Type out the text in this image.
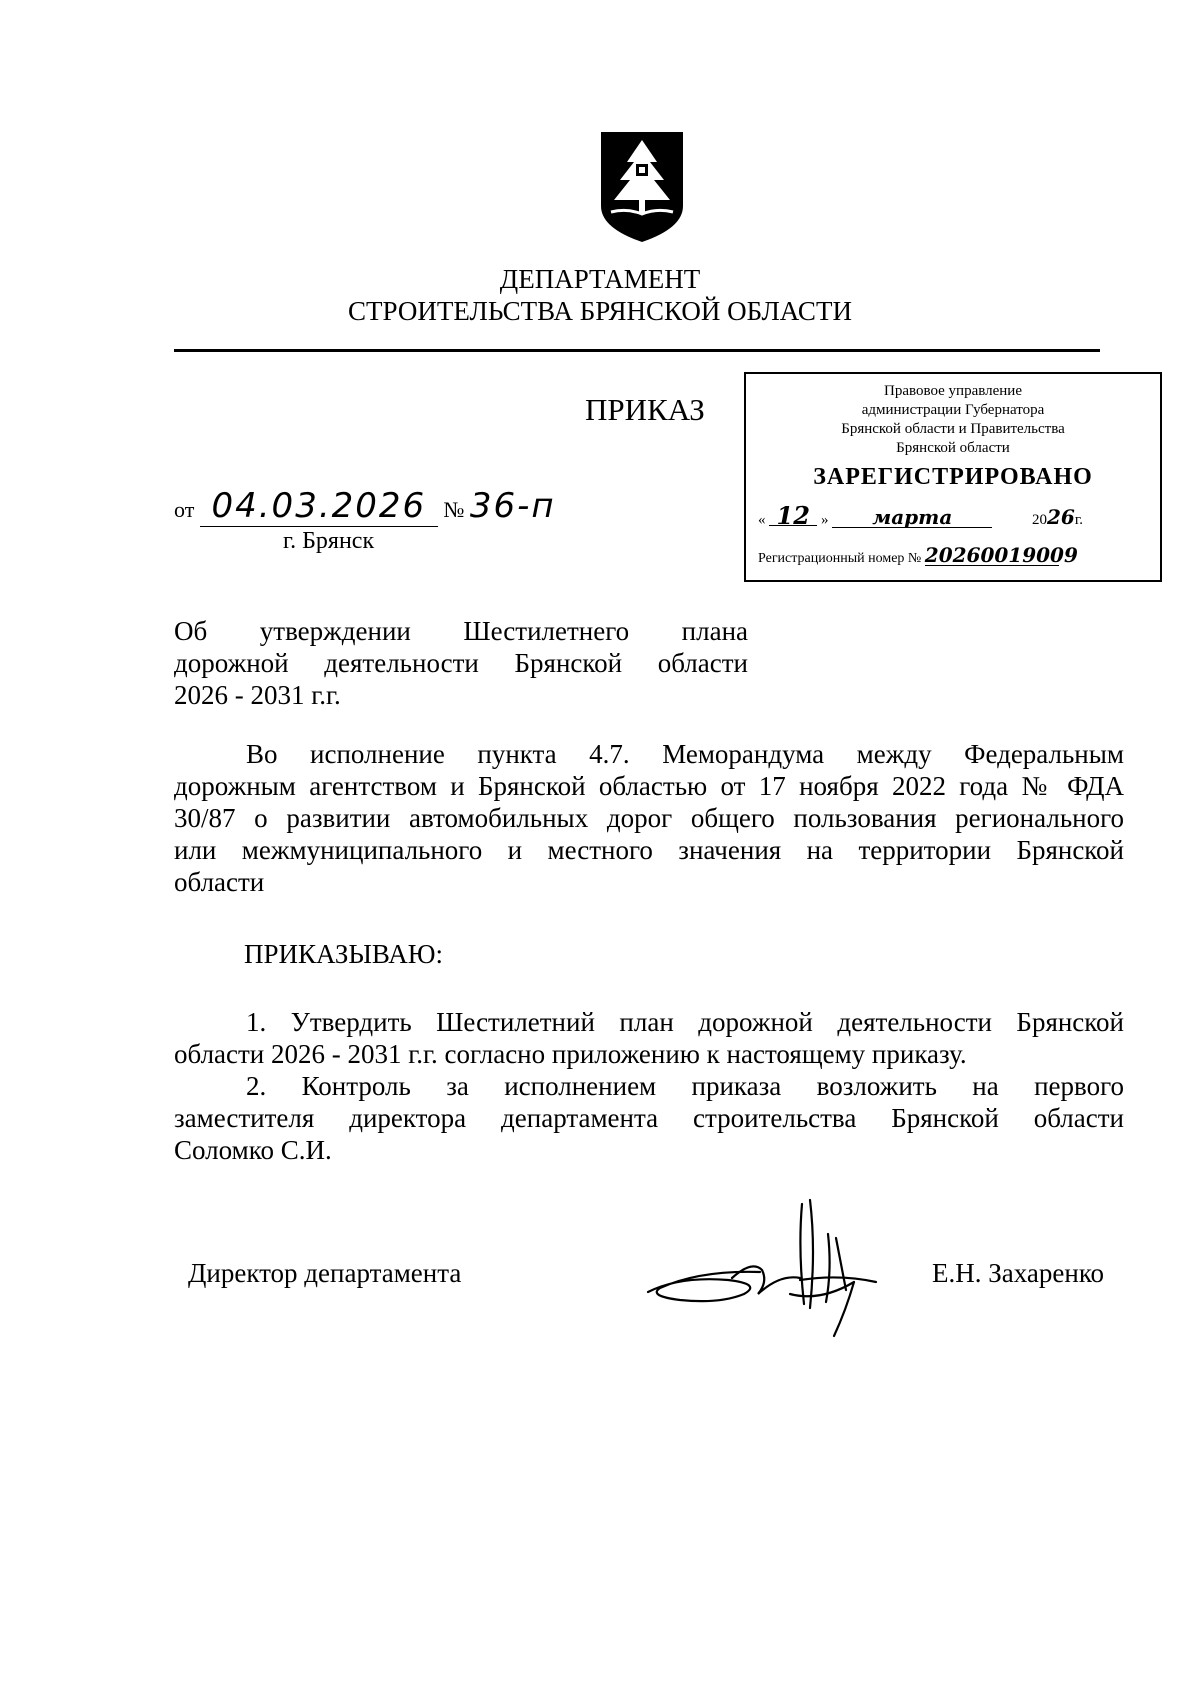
ДЕПАРТАМЕНТ
СТРОИТЕЛЬСТВА БРЯНСКОЙ ОБЛАСТИ
ПРИКАЗ
Правовое управление
администрации Губернатора
Брянской области и Правительства
Брянской области
ЗАРЕГИСТРИРОВАНО
« 12 » марта	2026г.
Регистрационный номер № 20260019009
от 04.03.2026 № 36-п
г. Брянск
Об утверждении Шестилетнего плана
дорожной деятельности Брянской области
2026 - 2031 г.г.
Во исполнение пункта 4.7. Меморандума между Федеральным
дорожным агентством и Брянской областью от 17 ноября 2022 года № ФДА
30/87 о развитии автомобильных дорог общего пользования регионального
или межмуниципального и местного значения на территории Брянской
области
ПРИКАЗЫВАЮ:
1. Утвердить Шестилетний план дорожной деятельности Брянской
области 2026 - 2031 г.г. согласно приложению к настоящему приказу.
2. Контроль за исполнением приказа возложить на первого
заместителя директора департамента строительства Брянской области
Соломко С.И.
Директор департамента	Е.Н. Захаренко
